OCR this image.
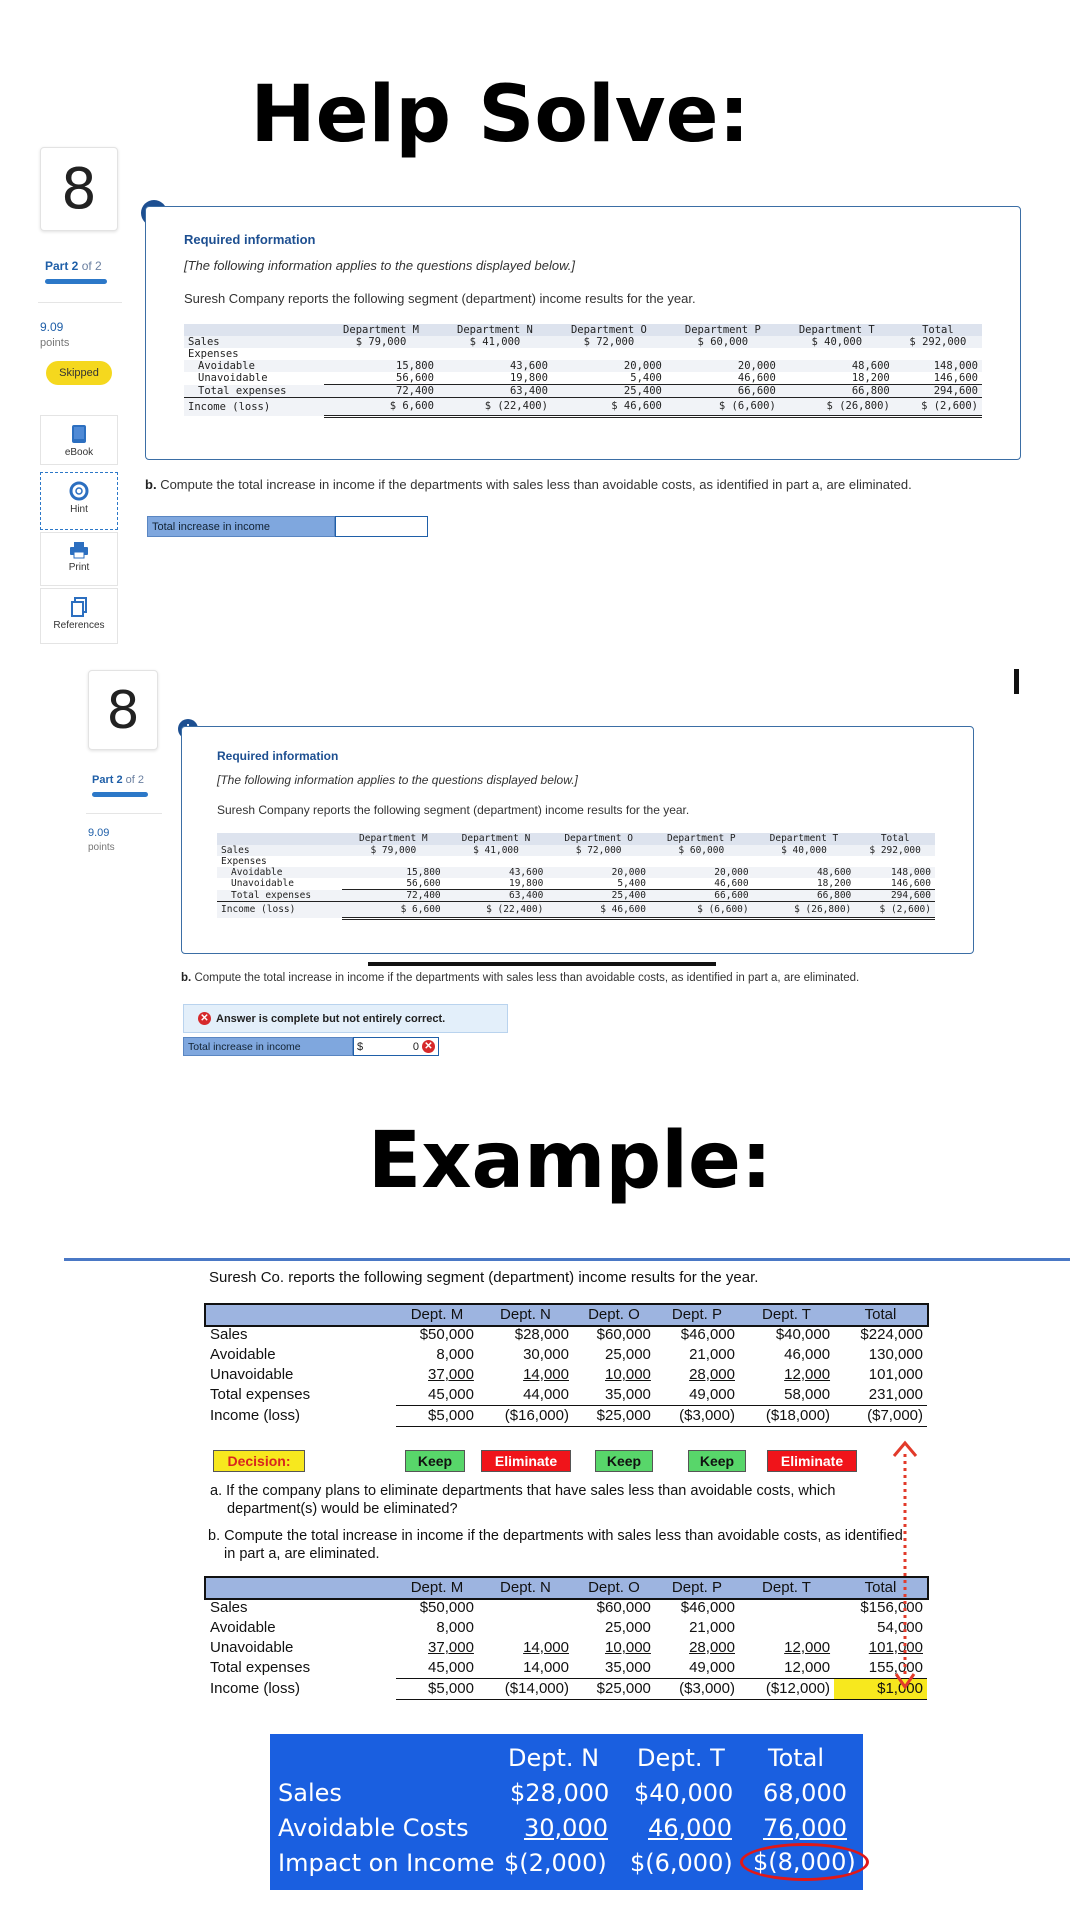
Help Solve:
8
Part 2 of 2
9.09
points
Skipped
eBook
Hint
Print
References
Required information
[The following information applies to the questions displayed below.]
Suresh Company reports the following segment (department) income results for the year.
	Department M	Department N	Department O	Department P	Department T	Total
Sales	$ 79,000	$ 41,000	$ 72,000	$ 60,000	$ 40,000	$ 292,000
Expenses						
Avoidable	15,800	43,600	20,000	20,000	48,600	148,000
Unavoidable	56,600	19,800	5,400	46,600	18,200	146,600
Total expenses	72,400	63,400	25,400	66,600	66,800	294,600
Income (loss)	$ 6,600	$ (22,400)	$ 46,600	$ (6,600)	$ (26,800)	$ (2,600)
b. Compute the total increase in income if the departments with sales less than avoidable costs, as identified in part a, are eliminated.
Total increase in income
8
Part 2 of 2
9.09
points
Required information
[The following information applies to the questions displayed below.]
Suresh Company reports the following segment (department) income results for the year.
	Department M	Department N	Department O	Department P	Department T	Total
Sales	$ 79,000	$ 41,000	$ 72,000	$ 60,000	$ 40,000	$ 292,000
Expenses						
Avoidable	15,800	43,600	20,000	20,000	48,600	148,000
Unavoidable	56,600	19,800	5,400	46,600	18,200	146,600
Total expenses	72,400	63,400	25,400	66,600	66,800	294,600
Income (loss)	$ 6,600	$ (22,400)	$ 46,600	$ (6,600)	$ (26,800)	$ (2,600)
b. Compute the total increase in income if the departments with sales less than avoidable costs, as identified in part a, are eliminated.
✕ Answer is complete but not entirely correct.
Total increase in income	$	0 ✕
Example:
Suresh Co. reports the following segment (department) income results for the year.
	Dept. M	Dept. N	Dept. O	Dept. P	Dept. T	Total
Sales	$50,000	$28,000	$60,000	$46,000	$40,000	$224,000
Avoidable	8,000	30,000	25,000	21,000	46,000	130,000
Unavoidable	37,000	14,000	10,000	28,000	12,000	101,000
Total expenses	45,000	44,000	35,000	49,000	58,000	231,000
Income (loss)	$5,000	($16,000)	$25,000	($3,000)	($18,000)	($7,000)

Decision:	Keep	Eliminate	Keep	Keep	Eliminate
a. If the company plans to eliminate departments that have sales less than avoidable costs, which department(s) would be eliminated?
b. Compute the total increase in income if the departments with sales less than avoidable costs, as identified in part a, are eliminated.
	Dept. M	Dept. N	Dept. O	Dept. P	Dept. T	Total
Sales	$50,000		$60,000	$46,000		$156,000
Avoidable	8,000		25,000	21,000		54,000
Unavoidable	37,000	14,000	10,000	28,000	12,000	101,000
Total expenses	45,000	14,000	35,000	49,000	12,000	155,000
Income (loss)	$5,000	($14,000)	$25,000	($3,000)	($12,000)	$1,000

Dept. N Dept. T Total
Sales	$28,000 $40,000 68,000
Avoidable Costs 30,000 46,000 76,000
Impact on Income $(2,000) $(6,000) $(8,000)
